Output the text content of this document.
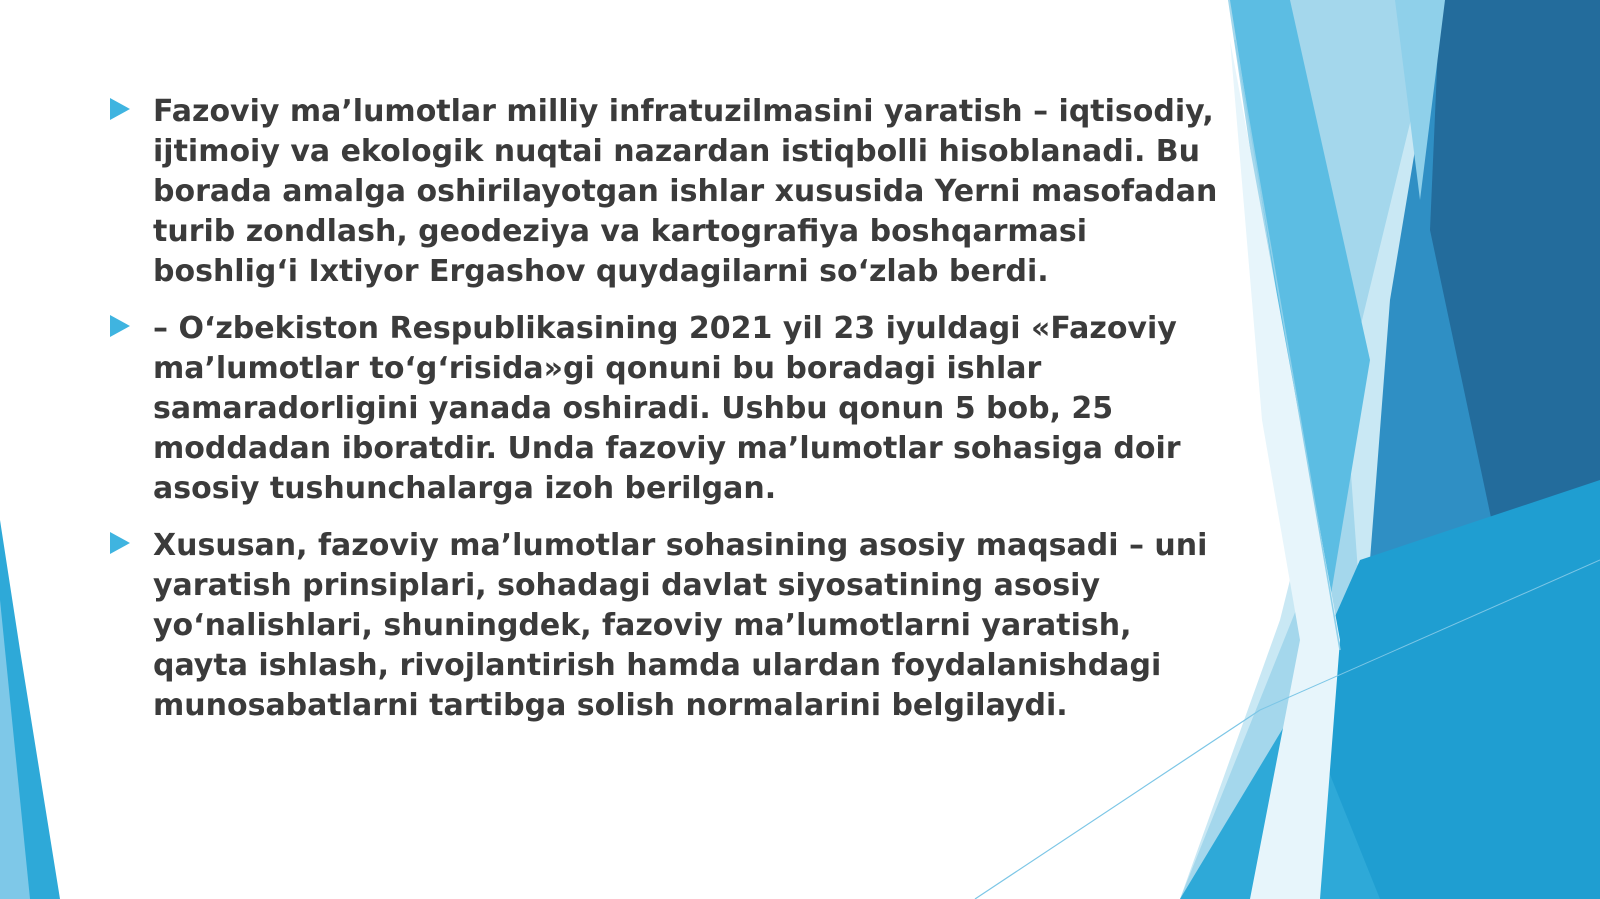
Fazoviy ma’lumotlar milliy infratuzilmasini yaratish – iqtisodiy, ijtimoiy va ekologik nuqtai nazardan istiqbolli hisoblanadi. Bu borada amalga oshirilayotgan ishlar xususida Yerni masofadan turib zondlash, geodeziya va kartografiya boshqarmasi boshlig‘i Ixtiyor Ergashov quydagilarni so‘zlab berdi.
– O‘zbekiston Respublikasining 2021 yil 23 iyuldagi «Fazoviy ma’lumotlar to‘g‘risida»gi qonuni bu boradagi ishlar samaradorligini yanada oshiradi. Ushbu qonun 5 bob, 25 moddadan iboratdir. Unda fazoviy ma’lumotlar sohasiga doir asosiy tushunchalarga izoh berilgan.
Xususan, fazoviy ma’lumotlar sohasining asosiy maqsadi – uni yaratish prinsiplari, sohadagi davlat siyosatining asosiy yo‘nalishlari, shuningdek, fazoviy ma’lumotlarni yaratish, qayta ishlash, rivojlantirish hamda ulardan foydalanishdagi munosabatlarni tartibga solish normalarini belgilaydi.
